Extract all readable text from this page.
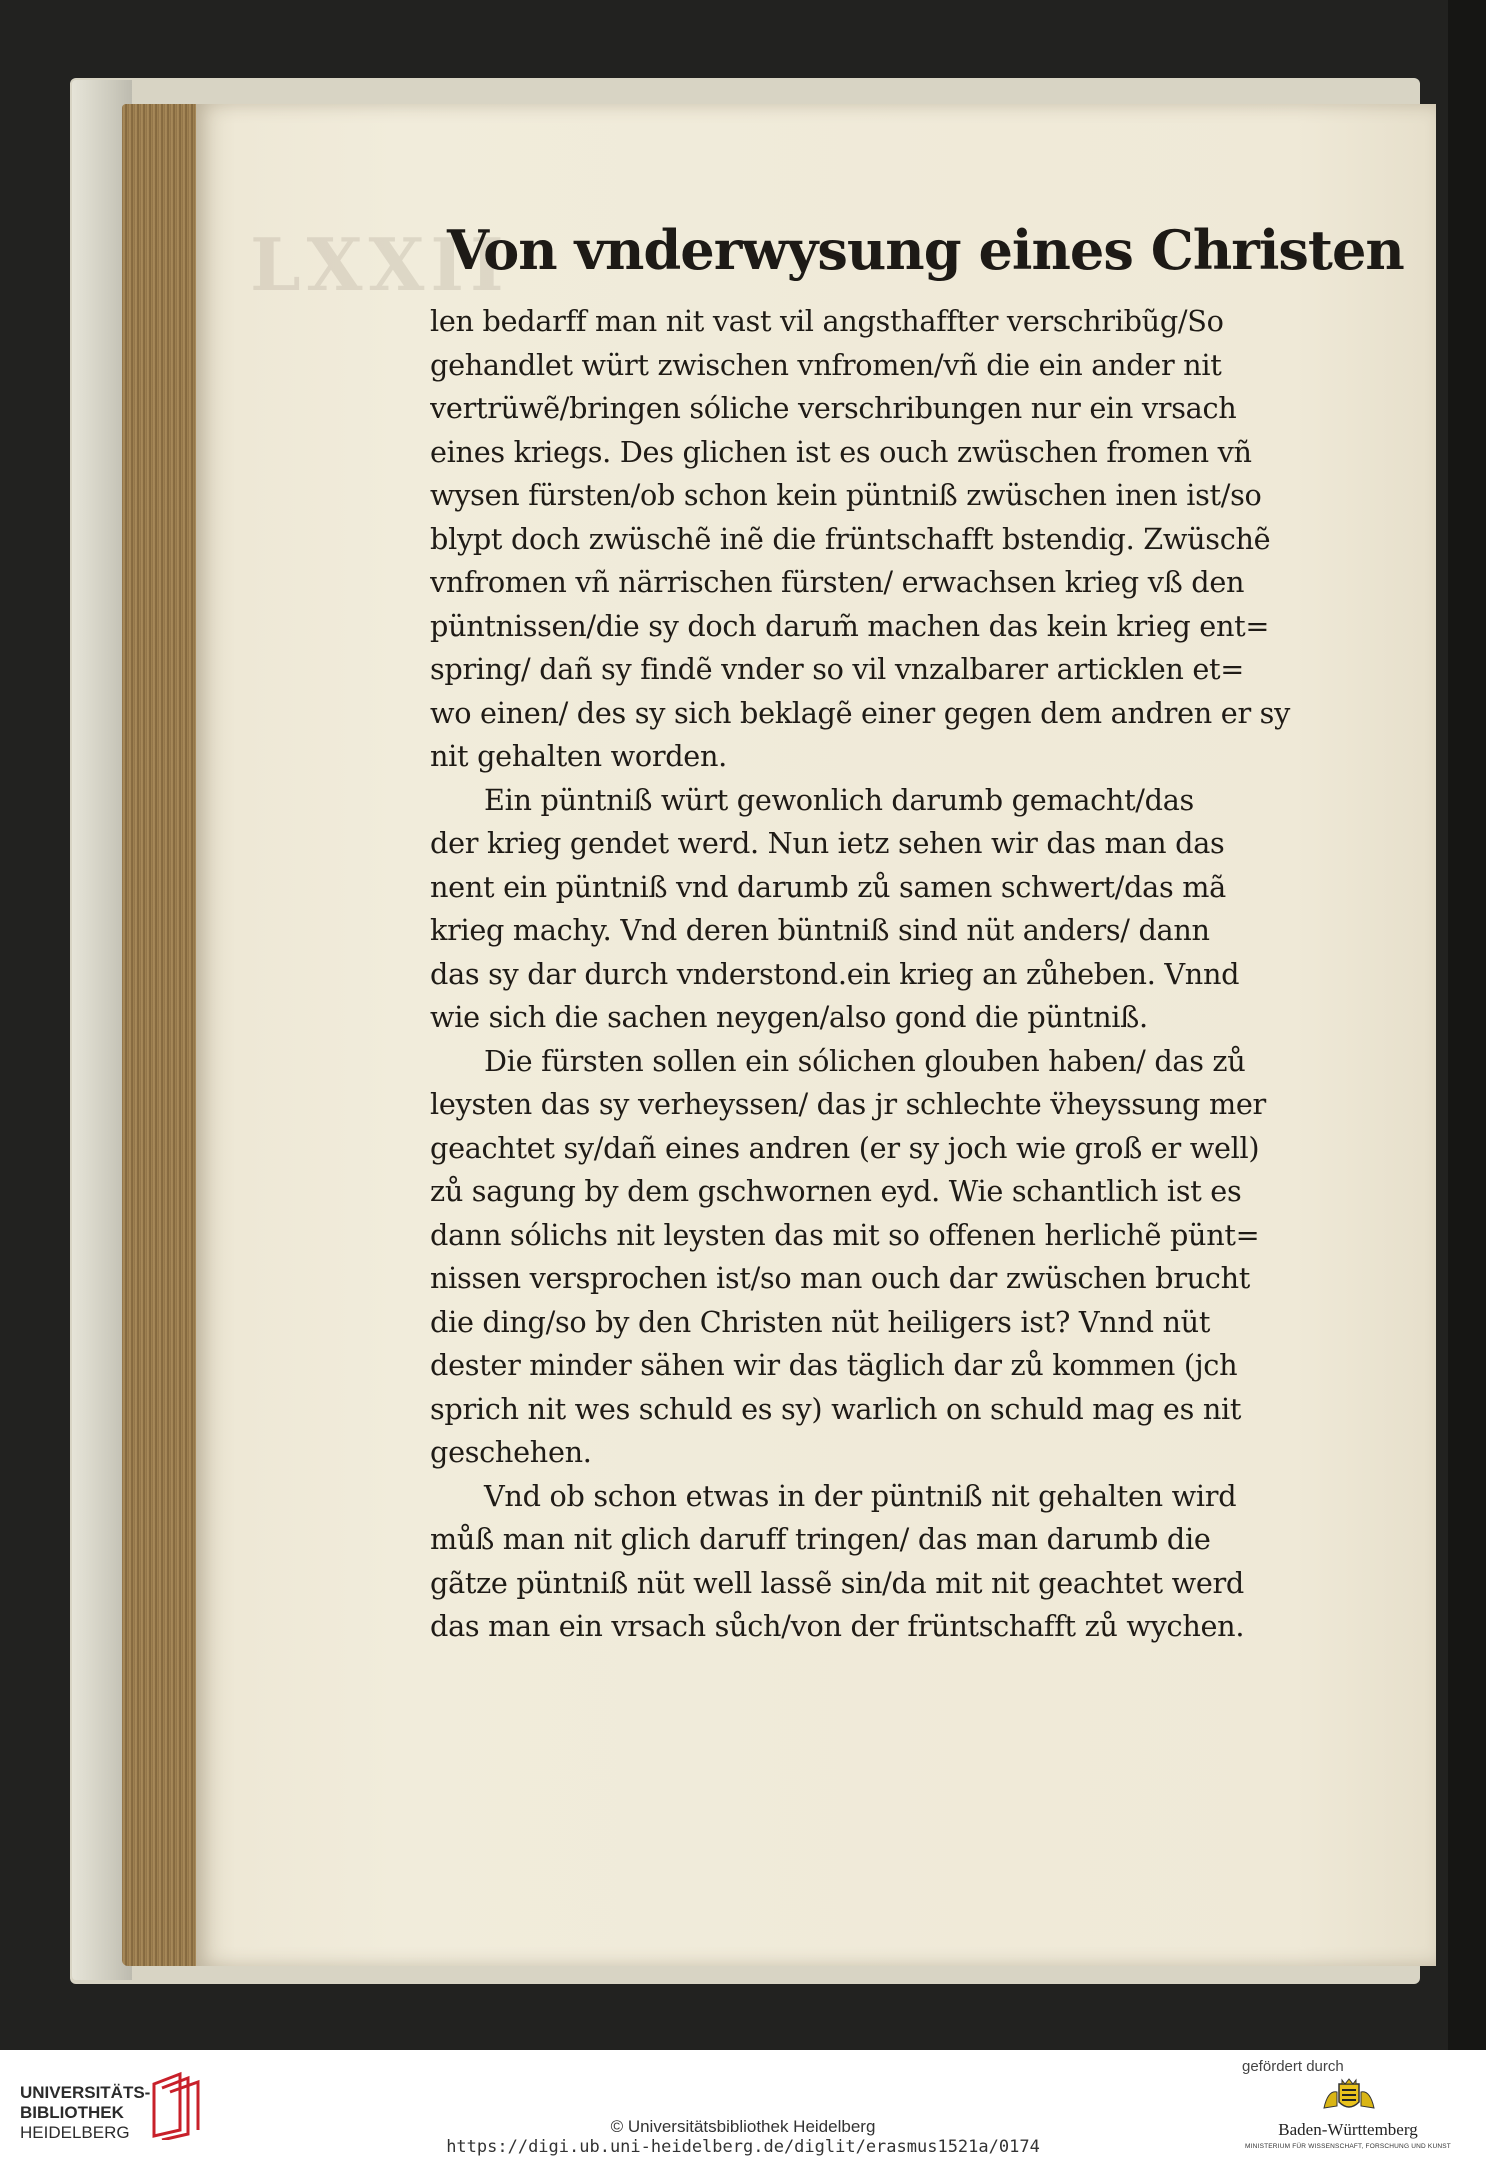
LXXII
Von vnderwysung eines Christen
len bedarff man nit vast vil angsthaffter verschribũg/So
gehandlet würt zwischen vnfromen/vñ die ein ander nit
vertrüwẽ/bringen sóliche verschribungen nur ein vrsach
eines kriegs. Des glichen ist es ouch zwüschen fromen vñ
wysen fürsten/ob schon kein püntniß zwüschen inen ist/so
blypt doch zwüschẽ inẽ die früntschafft bstendig. Zwüschẽ
vnfromen vñ närrischen fürsten/ erwachsen krieg vß den
püntnissen/die sy doch darum̃ machen das kein krieg ent=
spring/ dañ sy findẽ vnder so vil vnzalbarer articklen et=
wo einen/ des sy sich beklagẽ einer gegen dem andren er sy
nit gehalten worden.
Ein püntniß würt gewonlich darumb gemacht/das
der krieg gendet werd. Nun ietz sehen wir das man das
nent ein püntniß vnd darumb zů samen schwert/das mã
krieg machy. Vnd deren büntniß sind nüt anders/ dann
das sy dar durch vnderstond.ein krieg an zůheben. Vnnd
wie sich die sachen neygen/also gond die püntniß.
Die fürsten sollen ein sólichen glouben haben/ das zů
leysten das sy verheyssen/ das jr schlechte v̈heyssung mer
geachtet sy/dañ eines andren (er sy joch wie groß er well)
zů sagung by dem gschwornen eyd. Wie schantlich ist es
dann sólichs nit leysten das mit so offenen herlichẽ pünt=
nissen versprochen ist/so man ouch dar zwüschen brucht
die ding/so by den Christen nüt heiligers ist? Vnnd nüt
dester minder sähen wir das täglich dar zů kommen (jch
sprich nit wes schuld es sy) warlich on schuld mag es nit
geschehen.
Vnd ob schon etwas in der püntniß nit gehalten wird
můß man nit glich daruff tringen/ das man darumb die
gãtze püntniß nüt well lassẽ sin/da mit nit geachtet werd
das man ein vrsach sůch/von der früntschafft zů wychen.
UNIVERSITÄTS-
BIBLIOTHEK
HEIDELBERG	© Universitätsbibliothek Heidelberg
https://digi.ub.uni-heidelberg.de/diglit/erasmus1521a/0174
gefördert durch
Baden-Württemberg
MINISTERIUM FÜR WISSENSCHAFT, FORSCHUNG UND KUNST
